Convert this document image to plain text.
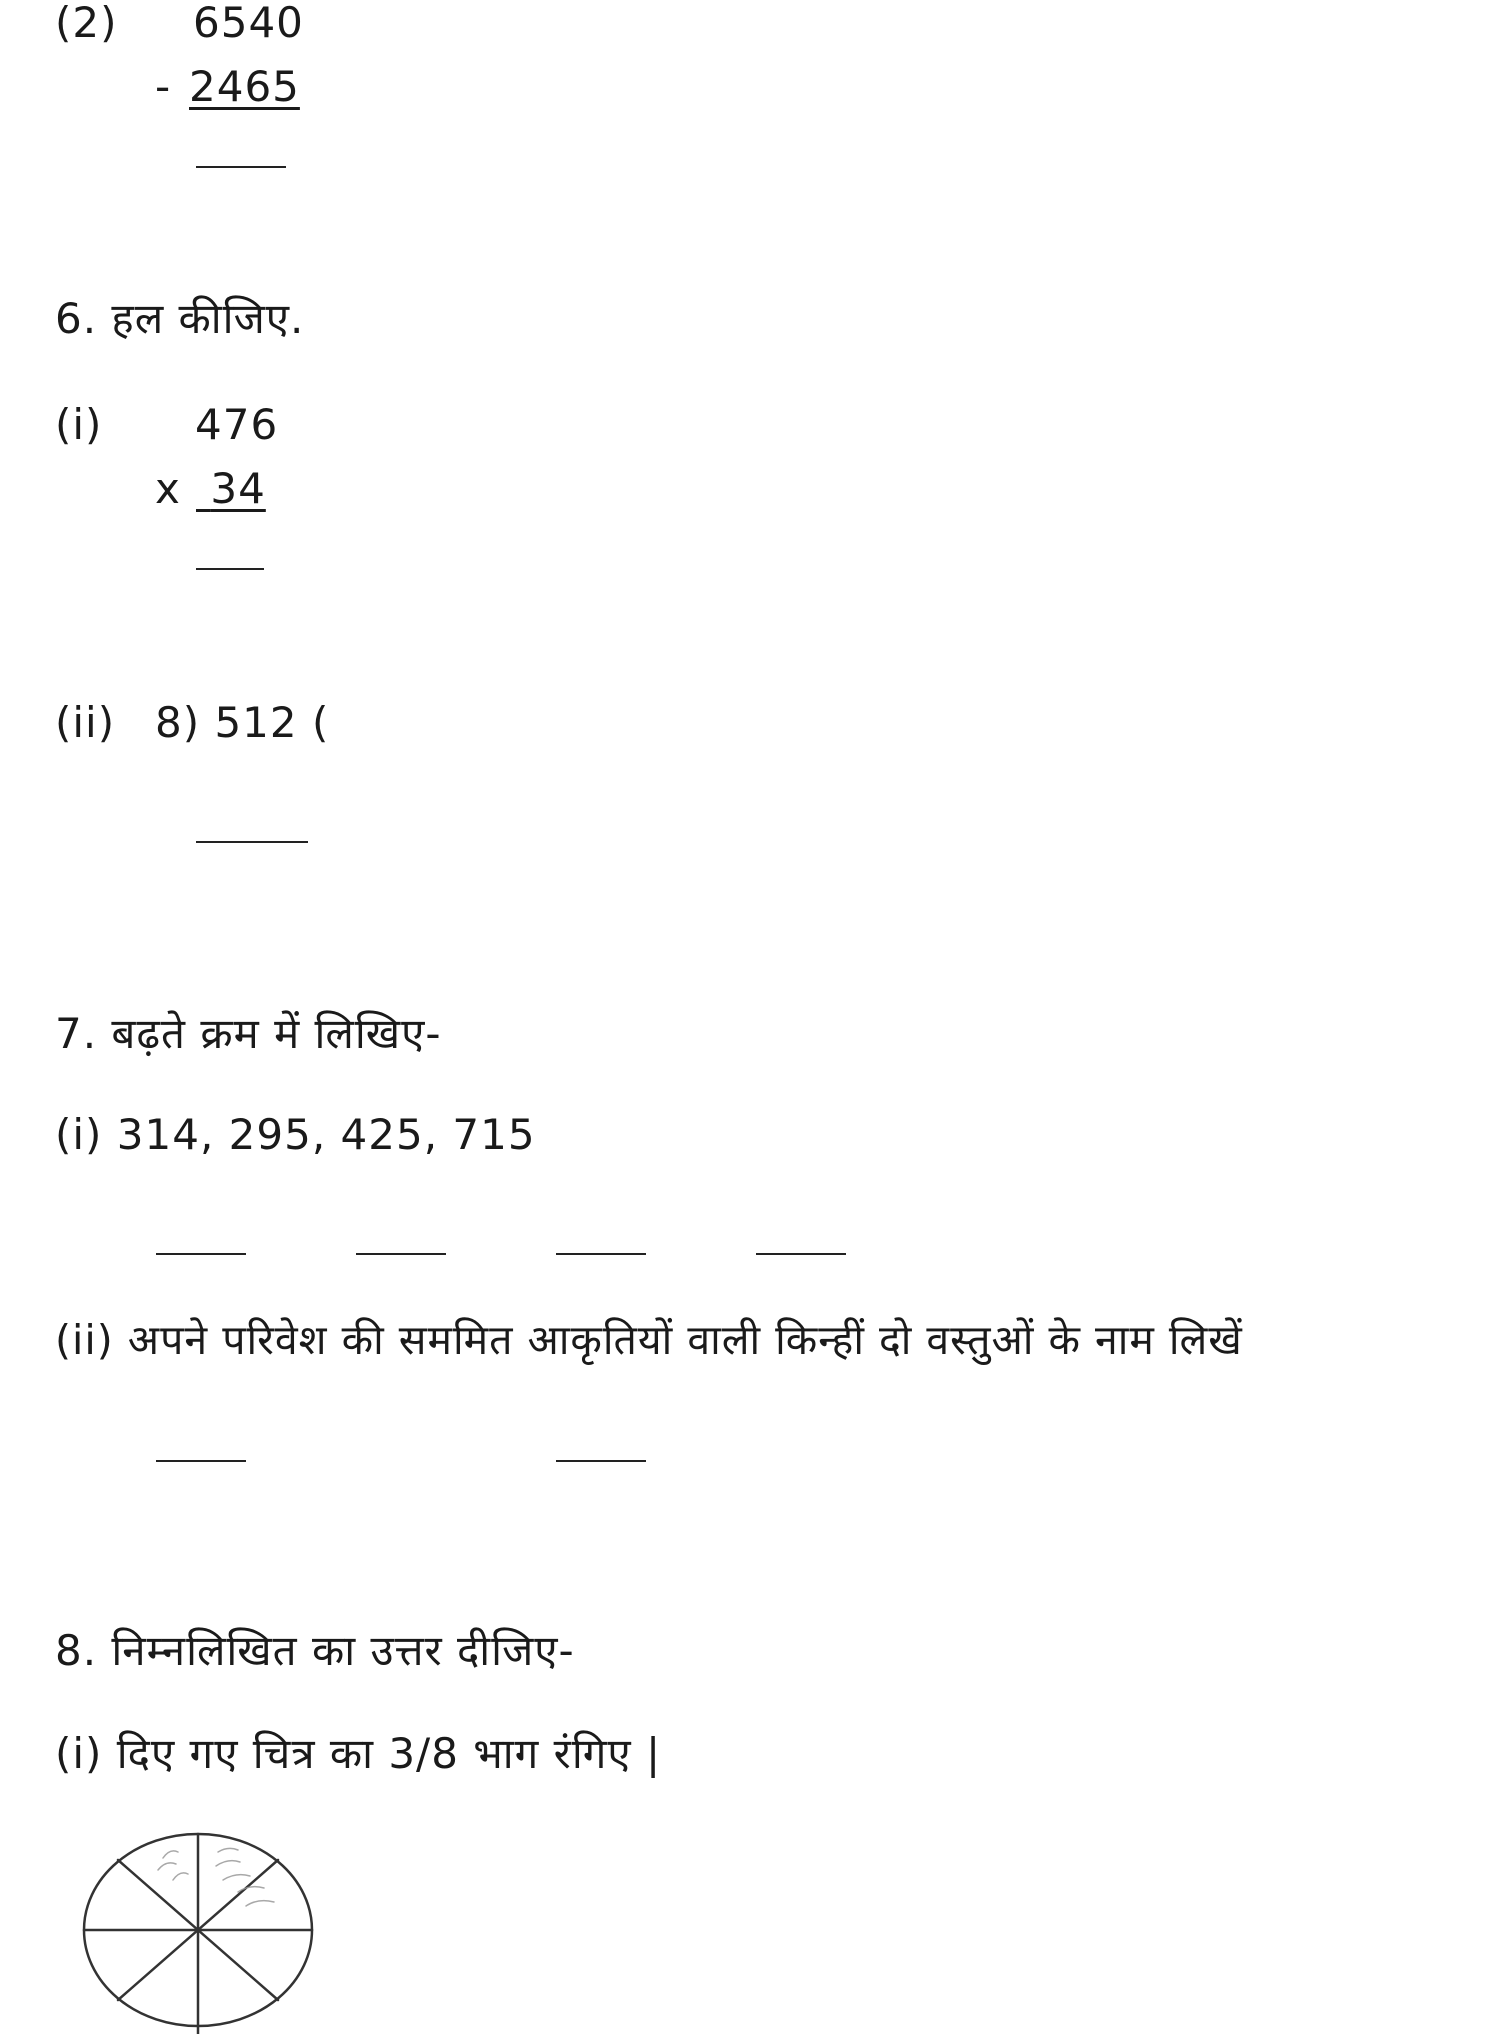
(2) 6540
- 2465
6. हल कीजिए.
(i) 476
x 34
(ii) 8) 512 (
7. बढ़ते क्रम में लिखिए-
(i) 314, 295, 425, 715
(ii) अपने परिवेश की सममित आकृतियों वाली किन्हीं दो वस्तुओं के नाम लिखें
8. निम्नलिखित का उत्तर दीजिए-
(i) दिए गए चित्र का 3/8 भाग रंगिए |
